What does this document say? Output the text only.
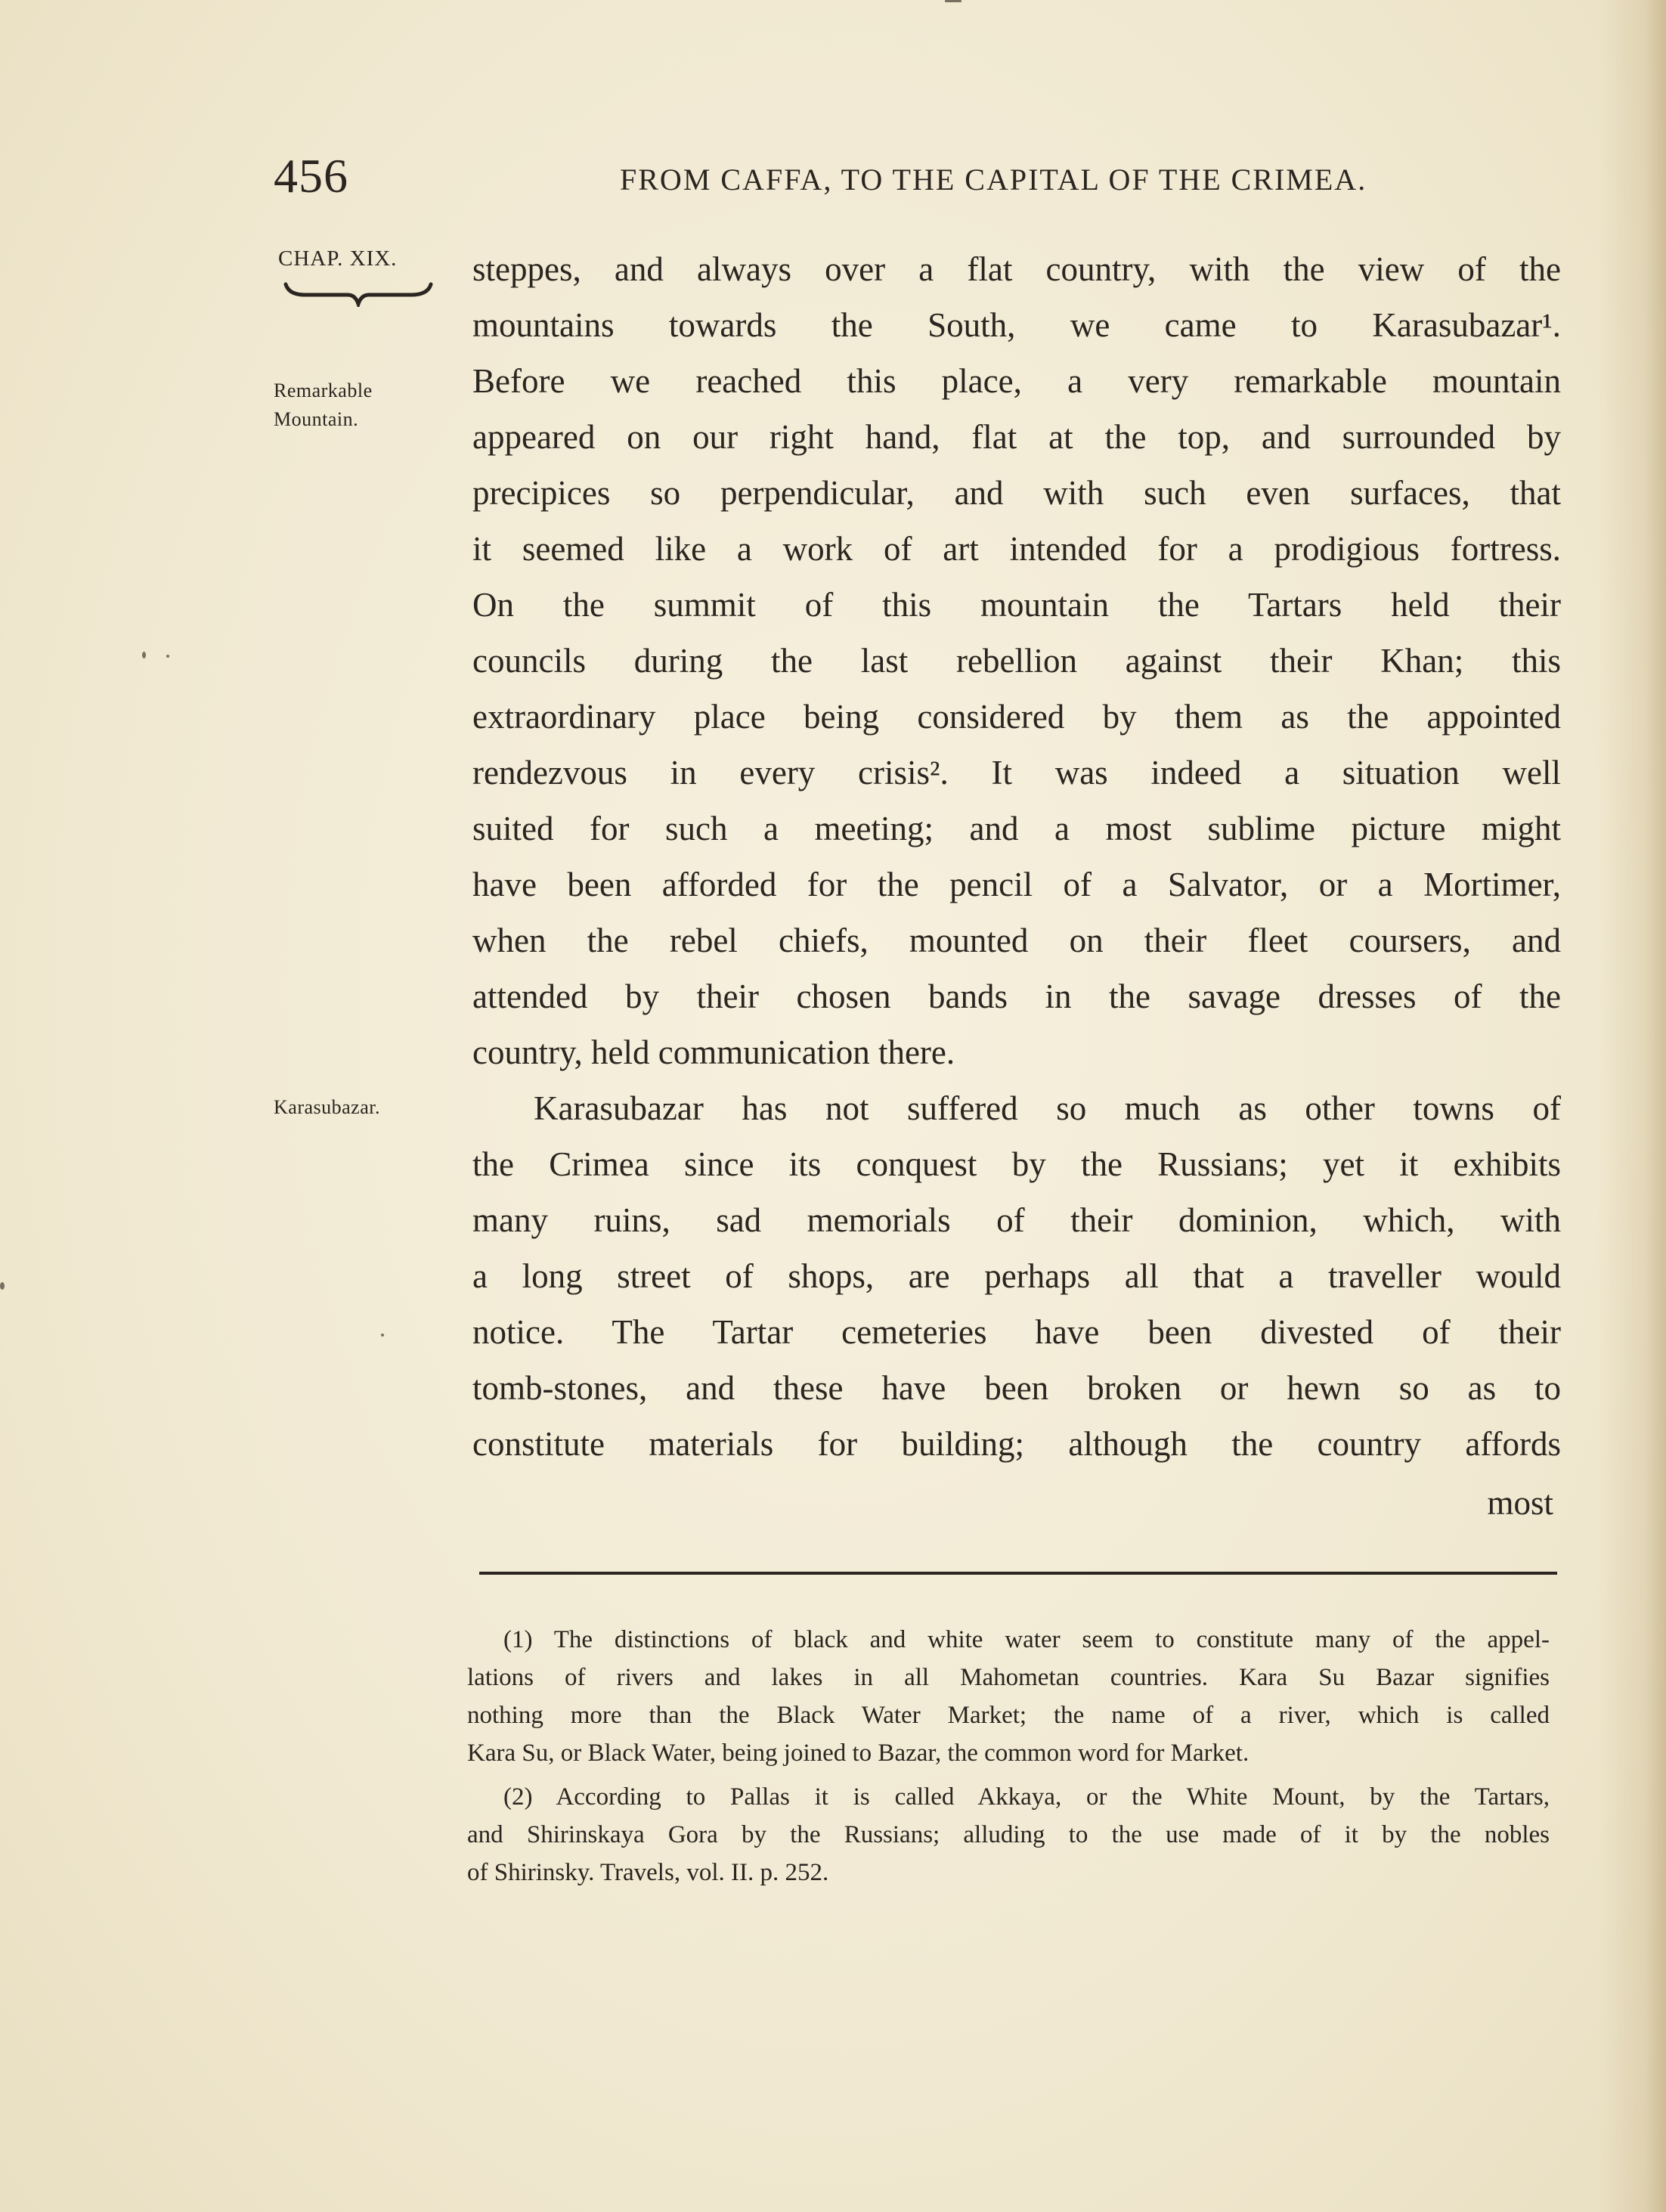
456	FROM CAFFA, TO THE CAPITAL OF THE CRIMEA.
CHAP. XIX.
Remarkable Mountain.
Karasubazar.
steppes, and always over a flat country, with the view of the
mountains towards the South, we came to Karasubazar¹.
Before we reached this place, a very remarkable mountain
appeared on our right hand, flat at the top, and surrounded by
precipices so perpendicular, and with such even surfaces, that
it seemed like a work of art intended for a prodigious fortress.
On the summit of this mountain the Tartars held their
councils during the last rebellion against their Khan; this
extraordinary place being considered by them as the appointed
rendezvous in every crisis². It was indeed a situation well
suited for such a meeting; and a most sublime picture might
have been afforded for the pencil of a Salvator, or a Mortimer,
when the rebel chiefs, mounted on their fleet coursers, and
attended by their chosen bands in the savage dresses of the
country, held communication there.
Karasubazar has not suffered so much as other towns of
the Crimea since its conquest by the Russians; yet it exhibits
many ruins, sad memorials of their dominion, which, with
a long street of shops, are perhaps all that a traveller would
notice. The Tartar cemeteries have been divested of their
tomb-stones, and these have been broken or hewn so as to
constitute materials for building; although the country affords
most
(1) The distinctions of black and white water seem to constitute many of the appel-
lations of rivers and lakes in all Mahometan countries. Kara Su Bazar signifies
nothing more than the Black Water Market; the name of a river, which is called
Kara Su, or Black Water, being joined to Bazar, the common word for Market.
(2) According to Pallas it is called Akkaya, or the White Mount, by the Tartars,
and Shirinskaya Gora by the Russians; alluding to the use made of it by the nobles
of Shirinsky. Travels, vol. II. p. 252.
